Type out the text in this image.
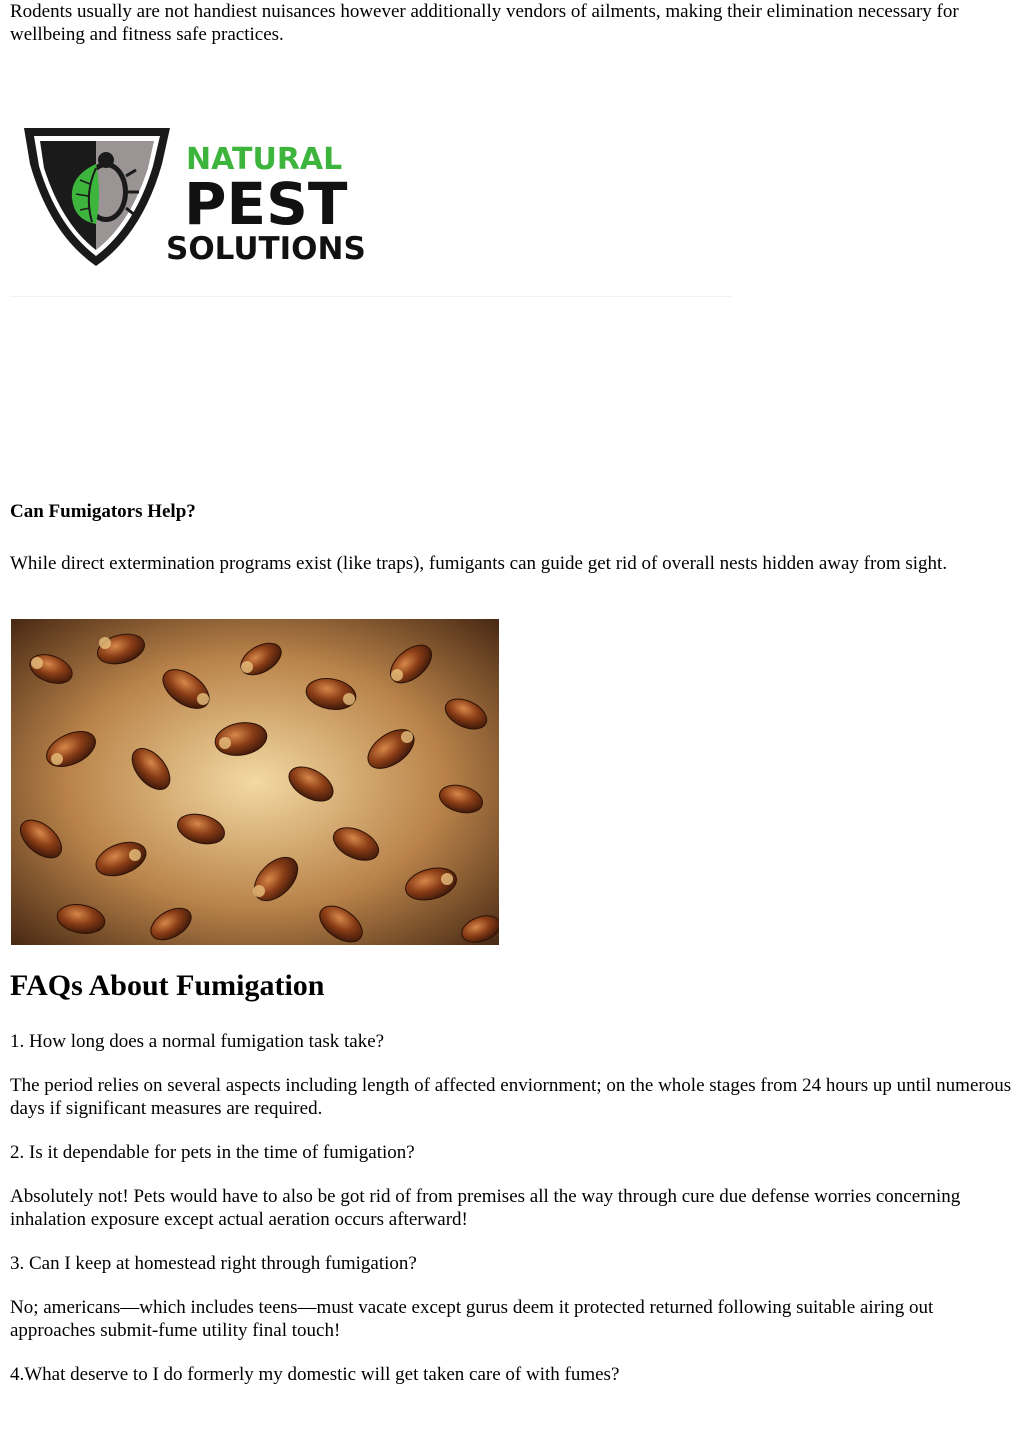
Rodents usually are not handiest nuisances however additionally vendors of ailments, making their elimination necessary for wellbeing and fitness safe practices.

NATURAL
PEST
SOLUTIONS

Can Fumigators Help?

While direct extermination programs exist (like traps), fumigants can guide get rid of overall nests hidden away from sight.

FAQs About Fumigation

1. How long does a normal fumigation task take?

The period relies on several aspects including length of affected enviornment; on the whole stages from 24 hours up until numerous days if significant measures are required.

2. Is it dependable for pets in the time of fumigation?

Absolutely not! Pets would have to also be got rid of from premises all the way through cure due defense worries concerning inhalation exposure except actual aeration occurs afterward!

3. Can I keep at homestead right through fumigation?

No; americans—which includes teens—must vacate except gurus deem it protected returned following suitable airing out approaches submit-fume utility final touch!

4.What deserve to I do formerly my domestic will get taken care of with fumes?
